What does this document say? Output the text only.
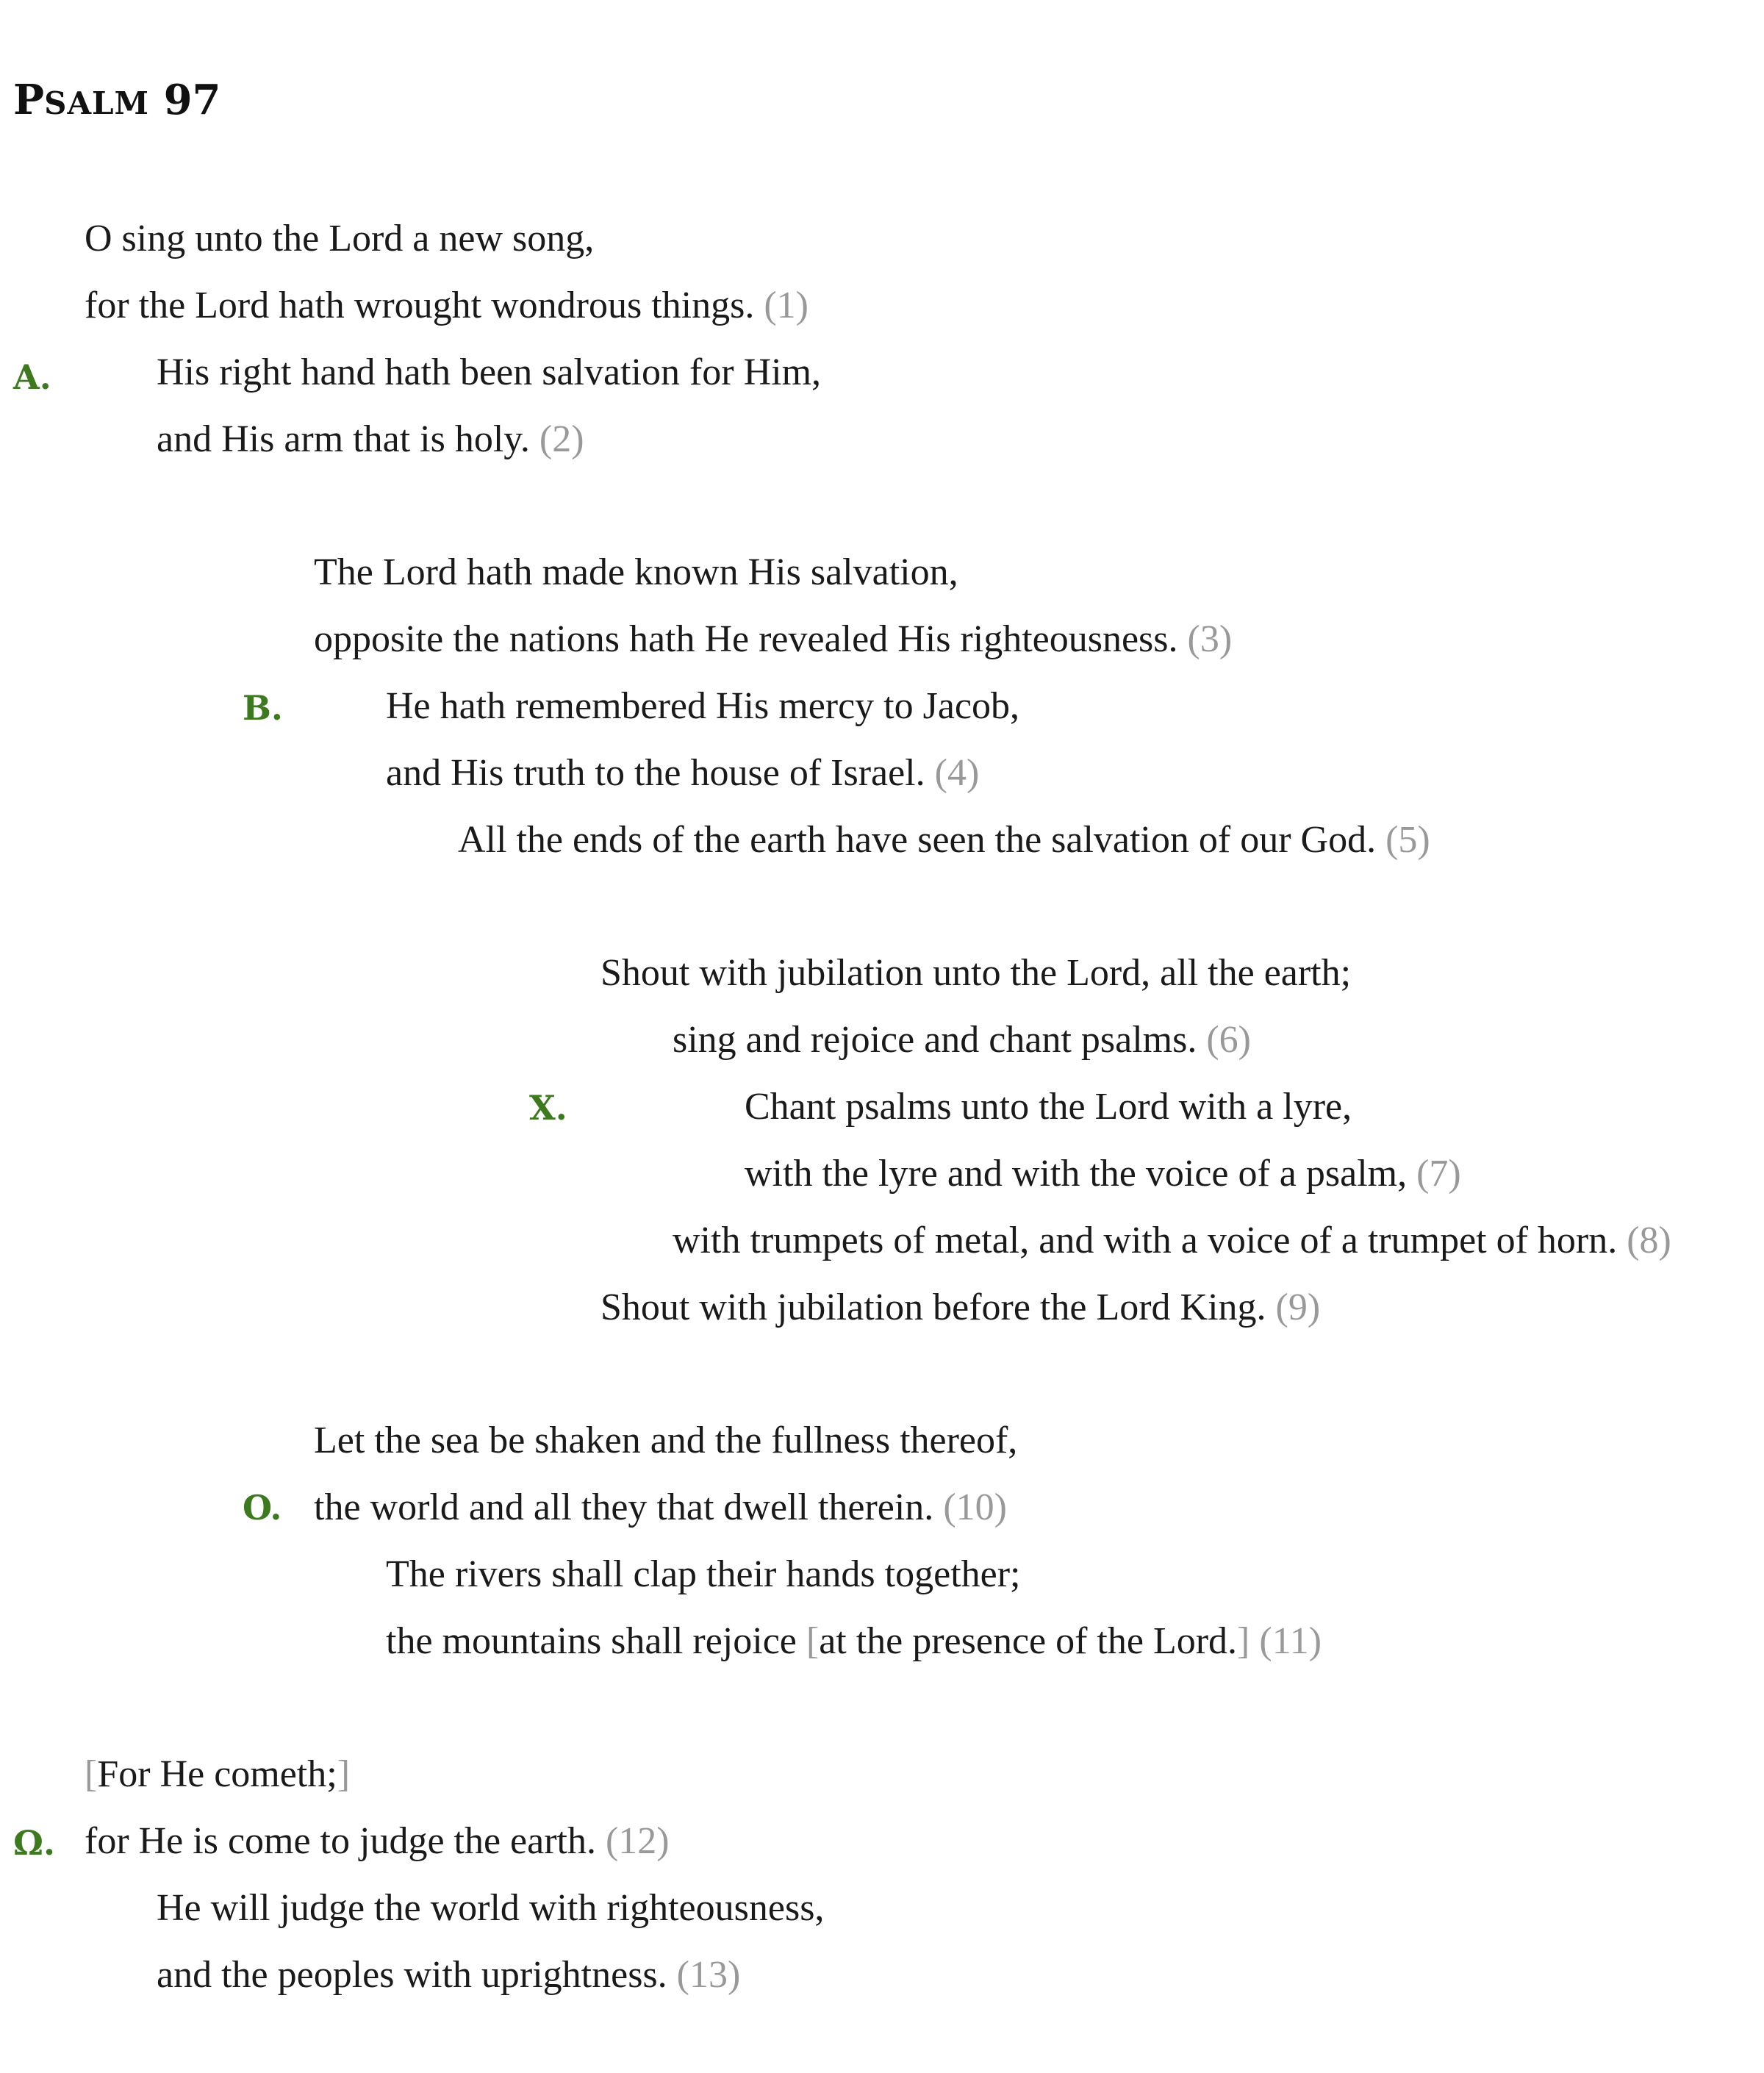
PSALM 97
A.
B.
X.
O.
Ω.
O sing unto the Lord a new song,
for the Lord hath wrought wondrous things. (1)
His right hand hath been salvation for Him,
and His arm that is holy. (2)
The Lord hath made known His salvation,
opposite the nations hath He revealed His righteousness. (3)
He hath remembered His mercy to Jacob,
and His truth to the house of Israel. (4)
All the ends of the earth have seen the salvation of our God. (5)
Shout with jubilation unto the Lord, all the earth;
sing and rejoice and chant psalms. (6)
Chant psalms unto the Lord with a lyre,
with the lyre and with the voice of a psalm, (7)
with trumpets of metal, and with a voice of a trumpet of horn. (8)
Shout with jubilation before the Lord King. (9)
Let the sea be shaken and the fullness thereof,
the world and all they that dwell therein. (10)
The rivers shall clap their hands together;
the mountains shall rejoice [at the presence of the Lord.] (11)
[For He cometh;]
for He is come to judge the earth. (12)
He will judge the world with righteousness,
and the peoples with uprightness. (13)
